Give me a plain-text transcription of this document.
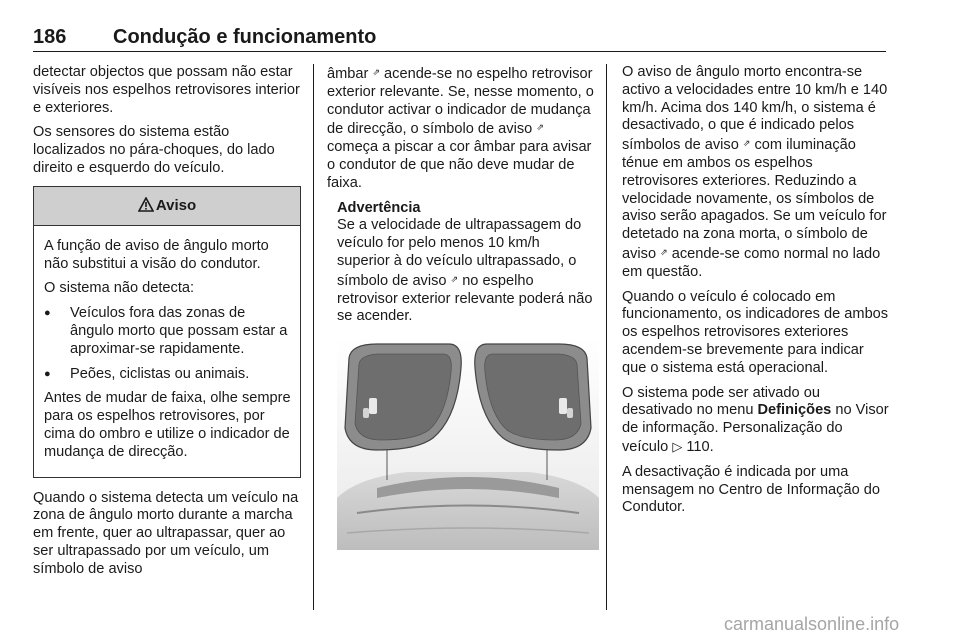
186 Condução e funcionamento

detectar objectos que possam não estar visíveis nos espelhos retrovisores interior e exteriores.

Os sensores do sistema estão localizados no pára-choques, do lado direito e esquerdo do veículo.

Aviso

A função de aviso de ângulo morto não substitui a visão do condutor.

O sistema não detecta:

●	Veículos fora das zonas de ângulo morto que possam estar a aproximar-se rapidamente.
●	Peões, ciclistas ou animais.

Antes de mudar de faixa, olhe sempre para os espelhos retrovisores, por cima do ombro e utilize o indicador de mudança de direcção.

Quando o sistema detecta um veículo na zona de ângulo morto durante a marcha em frente, quer ao ultrapassar, quer ao ser ultrapassado por um veículo, um símbolo de aviso

âmbar ⇗ acende-se no espelho retrovisor exterior relevante. Se, nesse momento, o condutor activar o indicador de mudança de direcção, o símbolo de aviso ⇗ começa a piscar a cor âmbar para avisar o condutor de que não deve mudar de faixa.

Advertência
Se a velocidade de ultrapassagem do veículo for pelo menos 10 km/h superior à do veículo ultrapassado, o símbolo de aviso ⇗ no espelho retrovisor exterior relevante poderá não se acender.

O aviso de ângulo morto encontra-se activo a velocidades entre 10 km/h e 140 km/h. Acima dos 140 km/h, o sistema é desactivado, o que é indicado pelos símbolos de aviso ⇗ com iluminação ténue em ambos os espelhos retrovisores exteriores. Reduzindo a velocidade novamente, os símbolos de aviso serão apagados. Se um veículo for detetado na zona morta, o símbolo de aviso ⇗ acende-se como normal no lado em questão.

Quando o veículo é colocado em funcionamento, os indicadores de ambos os espelhos retrovisores exteriores acendem-se brevemente para indicar que o sistema está operacional.

O sistema pode ser ativado ou desativado no menu Definições no Visor de informação. Personalização do veículo ▷ 110.

A desactivação é indicada por uma mensagem no Centro de Informação do Condutor.

carmanualsonline.info
